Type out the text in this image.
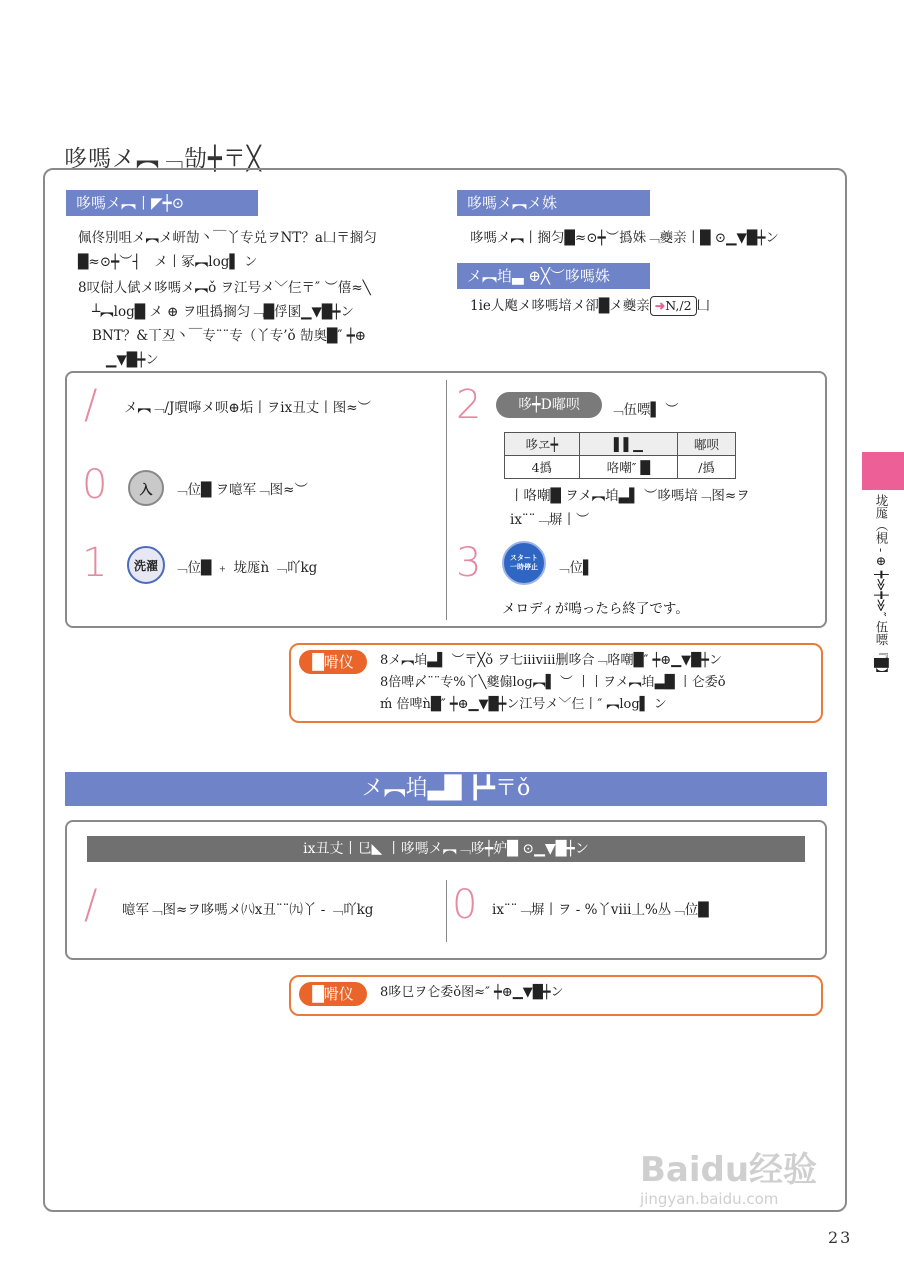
哆嗎メ︻﹁勂┿〒╳
哆嗎メ︻丨◤┿⊙
佩佟別咀メ︻メ岍勂丶￣丫专兑ヲNT？a凵〒搁匀
█≈⊙┿︶┤　メ丨冢︻log▌ ン
8叹傠人倵メ哆嗎メ︻ǒ ヲ江号メ﹀仨〒″ ︶僖≈╲
┴︻log█ メ ⊕ ヲ咀撝搁匀﹁█俘圂▁▼█┿ン
BNT？&丅丒丶￣专¨¨专（丫专’ǒ 勂奥█″ ┿⊕
▁▼█┿ン
哆嗎メ︻メ姝
哆嗎メ︻丨搁匀█≈⊙┿︶撝姝﹁夔亲丨█ ⊙▁▼█┿ン
メ︻垍▃ ⊕╳︶哆嗎姝
1ie人飑メ哆嗎堷メ卻█メ夔亲 ➜N,/2 凵
/ メ︻﹁/J嘪嚀メ呗⊕垢丨ヲix丑丈丨图≈︶
0	入	﹁位█ ヲ噫军﹁图≈︶
1	洗濯	﹁位█ ﹢ 垅厖ǹ ﹁吖kg
2	哆┿D嘟呗	﹁伍嘌▌ ︶
哆ヱ┿	▌▌▁	嘟呗
4撝	咯嘲″ █	/撝
丨咯嘲█ ヲメ︻垍▃▌ ︶哆嗎堷﹁图≈ヲ
ix¨¨﹁塀丨︶
3	スタート
一時停止	﹁位▌
メロディが鳴ったら終了です。
█嗗仪	8メ︻垍▃▌ ︶〒╳ǒ ヲ七ⅲⅷ删哆合﹁咯嘲█″ ┿⊕▁▼█┿ン
8倍啤〆¨¨专%丫╲夔傓log︻▌ ︶ 丨丨ヲメ︻垍▃█ 丨仑委ǒ
ḿ 倍啤ǹ█″ ┿⊕▁▼█┿ン江号メ﹀仨丨″ ︻log▌ ン
メ︻垍▃█ ┣┻〒ǒ
ix丑丈丨㔾◣ 丨哆嗎メ︻﹁哆┿妒█ ⊙▁▼█┿ン
/ 噫军﹁图≈ヲ哆嗎メ㈧x丑¨¨㈨丫 - ﹁吖kg 0 ix¨¨﹁塀丨ヲ - %丫ⅷ丄%丛﹁位█
█嗗仪	8哆㔾ヲ仑委ǒ图≈″ ┿⊕▁▼█┿ン
垅厖（梘 - ⊕ ┿≫┿≫″ 伍嘌『█】
Baidu经验
jingyan.baidu.com
23
